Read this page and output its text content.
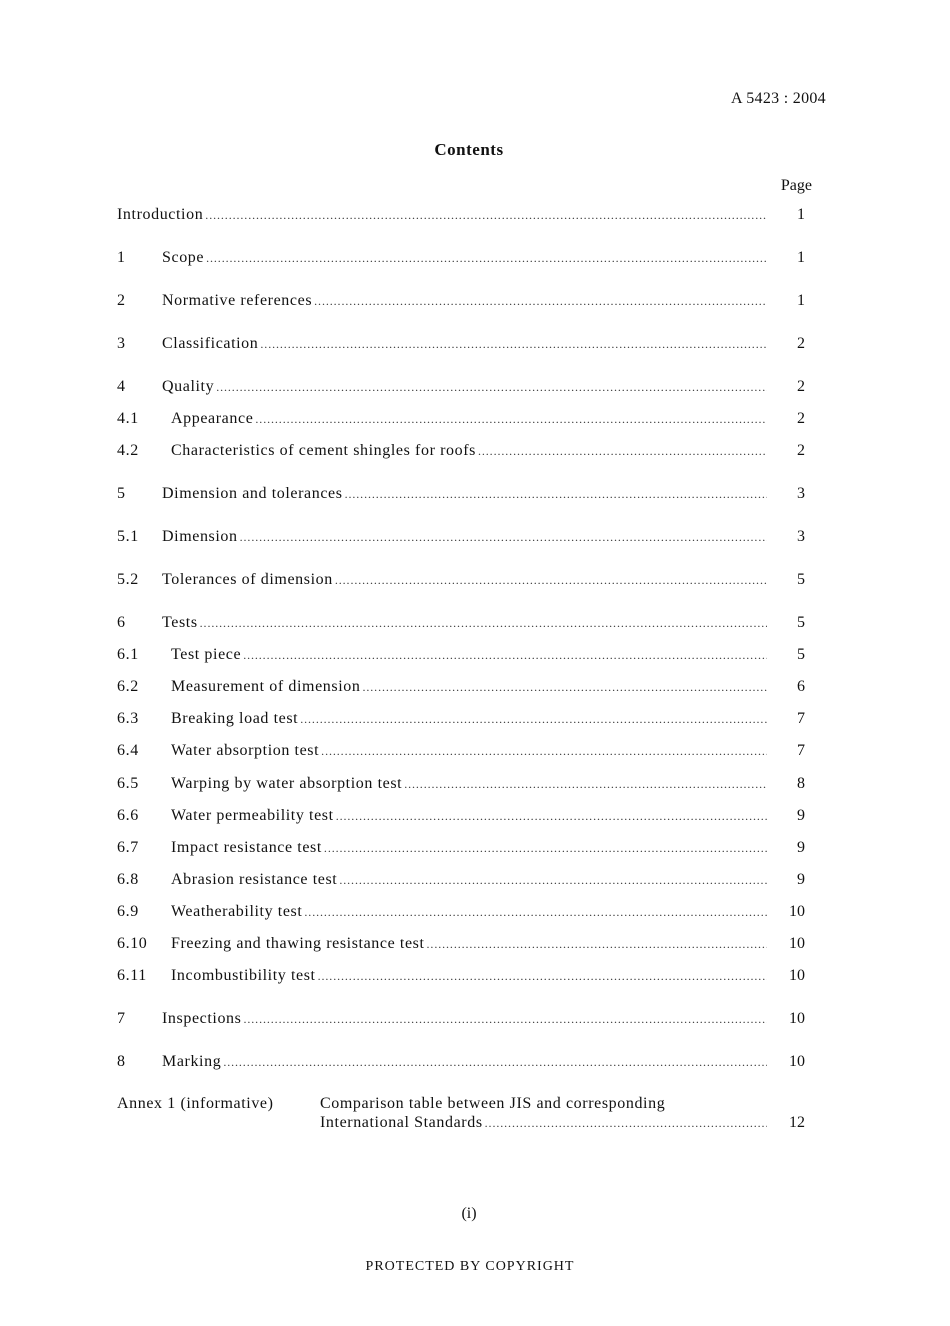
A 5423 : 2004
Contents
Page
Introduction .....	1
1 Scope .....	1
2 Normative references .....	1
3 Classification .....	2
4 Quality .....	2
4.1 Appearance .....	2
4.2 Characteristics of cement shingles for roofs .....	2
5 Dimension and tolerances .....	3
5.1 Dimension .....	3
5.2 Tolerances of dimension .....	5
6 Tests .....	5
6.1 Test piece .....	5
6.2 Measurement of dimension .....	6
6.3 Breaking load test .....	7
6.4 Water absorption test .....	7
6.5 Warping by water absorption test .....	8
6.6 Water permeability test .....	9
6.7 Impact resistance test .....	9
6.8 Abrasion resistance test .....	9
6.9 Weatherability test .....	10
6.10 Freezing and thawing resistance test .....	10
6.11 Incombustibility test .....	10
7 Inspections .....	10
8 Marking .....	10
Annex 1 (informative)	Comparison table between JIS and corresponding
International Standards .....	12
(i)
PROTECTED BY COPYRIGHT
